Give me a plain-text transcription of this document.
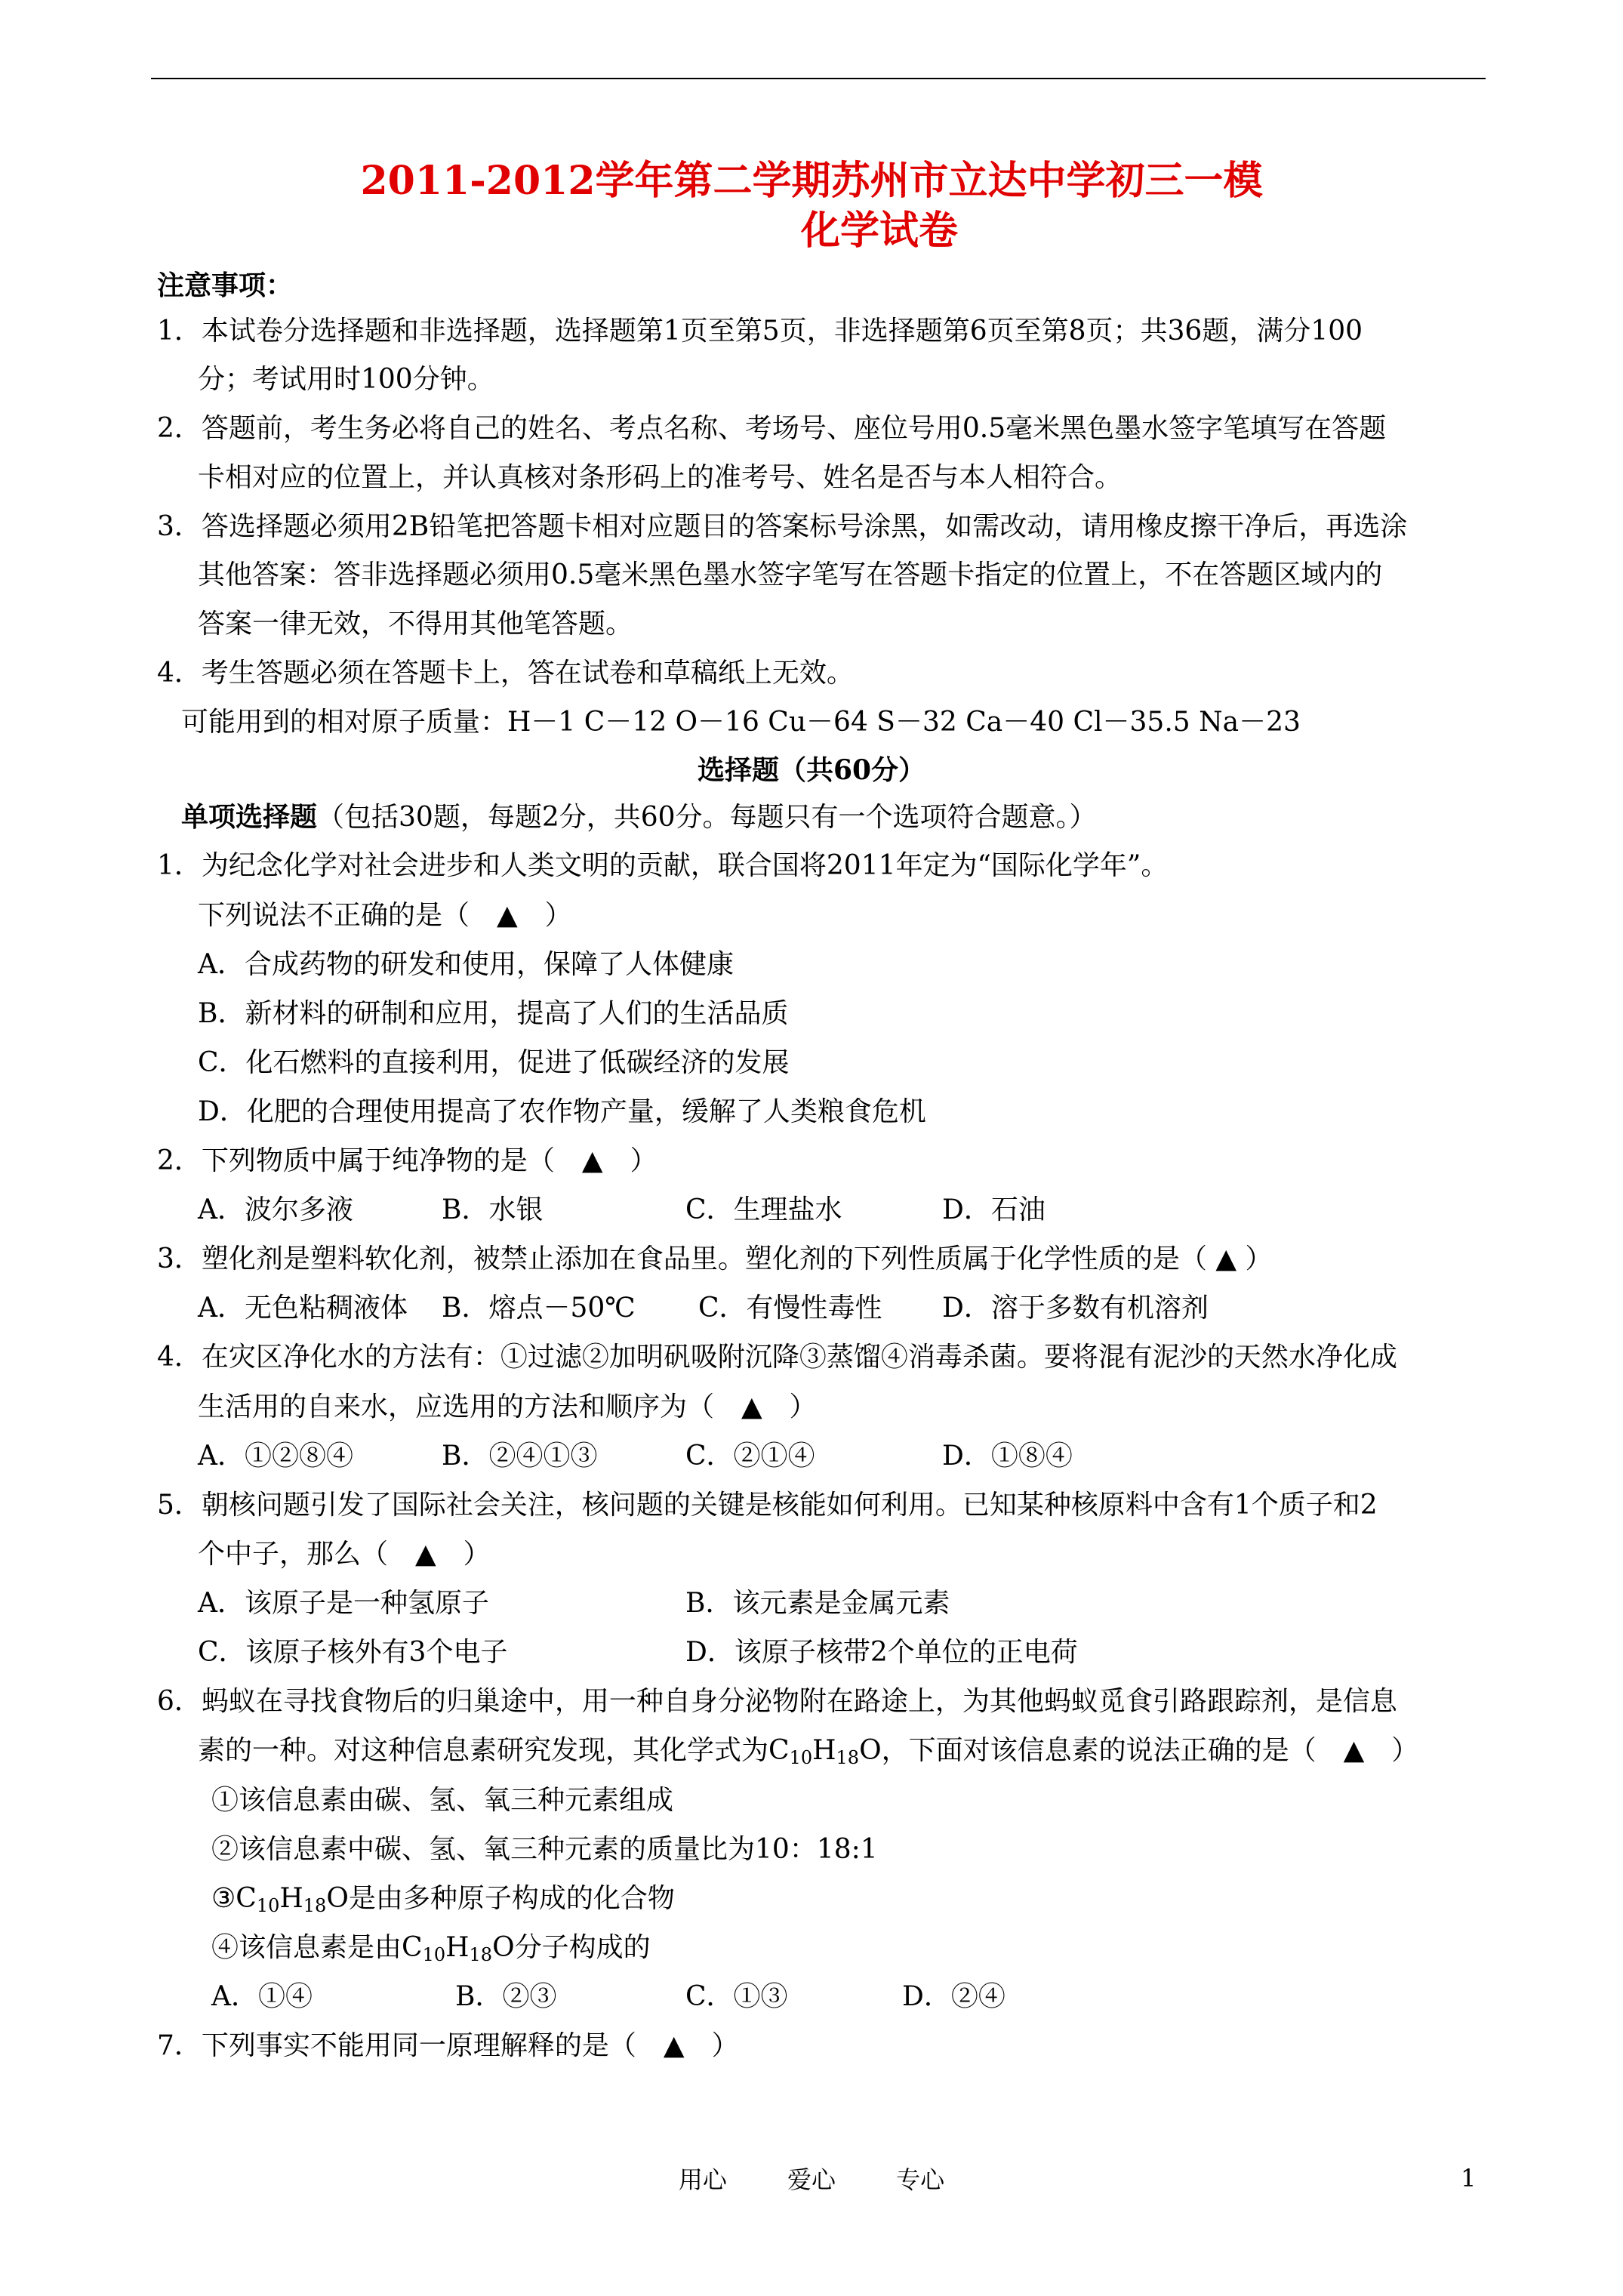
2011-2012学年第二学期苏州市立达中学初三一模
化学试卷
注意事项：
1．本试卷分选择题和非选择题，选择题第1页至第5页，非选择题第6页至第8页；共36题，满分100
分；考试用时100分钟。
2．答题前，考生务必将自己的姓名、考点名称、考场号、座位号用0.5毫米黑色墨水签字笔填写在答题
卡相对应的位置上，并认真核对条形码上的准考号、姓名是否与本人相符合。
3．答选择题必须用2B铅笔把答题卡相对应题目的答案标号涂黑，如需改动，请用橡皮擦干净后，再选涂
其他答案：答非选择题必须用0.5毫米黑色墨水签字笔写在答题卡指定的位置上，不在答题区域内的
答案一律无效，不得用其他笔答题。
4．考生答题必须在答题卡上，答在试卷和草稿纸上无效。
可能用到的相对原子质量：H－1 C－12 O－16 Cu－64 S－32 Ca－40 Cl－35.5 Na－23
选择题（共60分）
单项选择题（包括30题，每题2分，共60分。每题只有一个选项符合题意。）
1．为纪念化学对社会进步和人类文明的贡献，联合国将2011年定为“国际化学年”。
下列说法不正确的是（　▲　）
A．合成药物的研发和使用，保障了人体健康
B．新材料的研制和应用，提高了人们的生活品质
C．化石燃料的直接利用，促进了低碳经济的发展
D．化肥的合理使用提高了农作物产量，缓解了人类粮食危机
2．下列物质中属于纯净物的是（　▲　）
A．波尔多液	B．水银	C．生理盐水	D．石油
3．塑化剂是塑料软化剂，被禁止添加在食品里。塑化剂的下列性质属于化学性质的是（ ▲ ）
A．无色粘稠液体 B．熔点－50℃ C．有慢性毒性 D．溶于多数有机溶剂
4．在灾区净化水的方法有：①过滤②加明矾吸附沉降③蒸馏④消毒杀菌。要将混有泥沙的天然水净化成
生活用的自来水，应选用的方法和顺序为（　▲　）
A．①②⑧④	B．②④①③	C．②①④	D．①⑧④
5．朝核问题引发了国际社会关注，核问题的关键是核能如何利用。已知某种核原料中含有1个质子和2
个中子，那么（　▲　）
A．该原子是一种氢原子	B．该元素是金属元素
C．该原子核外有3个电子	D．该原子核带2个单位的正电荷
6．蚂蚁在寻找食物后的归巢途中，用一种自身分泌物附在路途上，为其他蚂蚁觅食引路跟踪剂，是信息
素的一种。对这种信息素研究发现，其化学式为$C_{10}H_{18}O$，下面对该信息素的说法正确的是（　▲　）
①该信息素由碳、氢、氧三种元素组成
②该信息素中碳、氢、氧三种元素的质量比为10：18:1
$③C_{10}H_{18}O$是由多种原子构成的化合物
④该信息素是由$C_{10}H_{18}O$分子构成的
A．①④	B．②③	C．①③	D．②④
7．下列事实不能用同一原理解释的是（　▲　）
用心 爱心 专心	1
